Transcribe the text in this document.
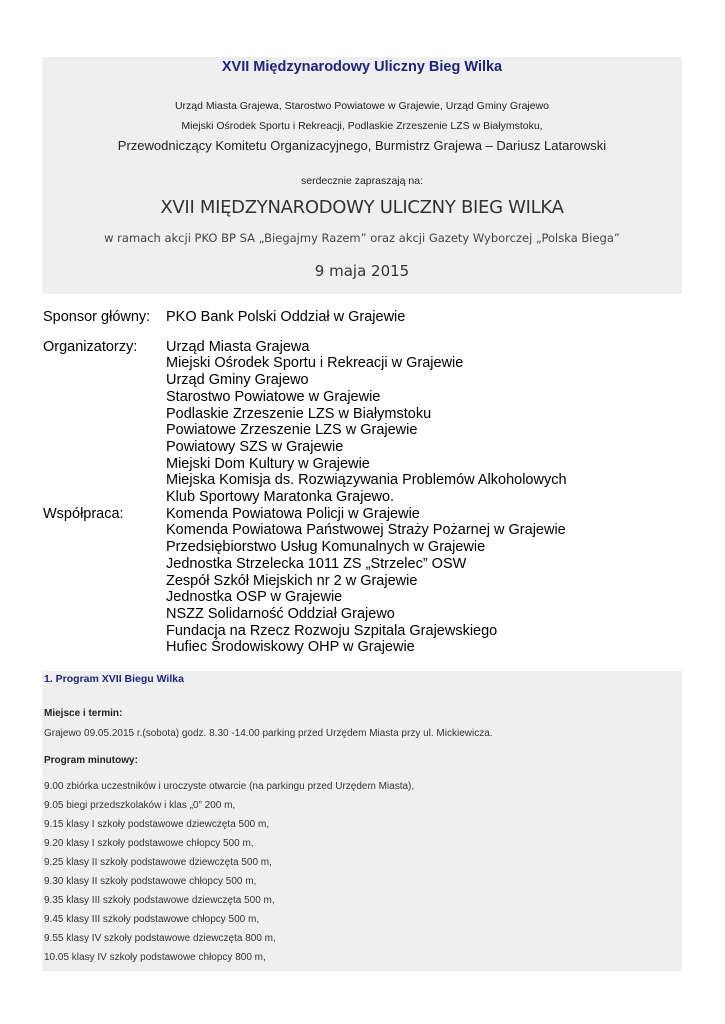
XVII Międzynarodowy Uliczny Bieg Wilka
Urząd Miasta Grajewa, Starostwo Powiatowe w Grajewie, Urząd Gminy Grajewo
Miejski Ośrodek Sportu i Rekreacji, Podlaskie Zrzeszenie LZS w Białymstoku,
Przewodniczący Komitetu Organizacyjnego, Burmistrz Grajewa – Dariusz Latarowski
serdecznie zapraszają na:
XVII MIĘDZYNARODOWY ULICZNY BIEG WILKA
w ramach akcji PKO BP SA „Biegajmy Razem” oraz akcji Gazety Wyborczej „Polska Biega”
9 maja 2015
Sponsor główny:	PKO Bank Polski Oddział w Grajewie
Organizatorzy:	Urząd Miasta Grajewa
Miejski Ośrodek Sportu i Rekreacji w Grajewie
Urząd Gminy Grajewo
Starostwo Powiatowe w Grajewie
Podlaskie Zrzeszenie LZS w Białymstoku
Powiatowe Zrzeszenie LZS w Grajewie
Powiatowy SZS w Grajewie
Miejski Dom Kultury w Grajewie
Miejska Komisja ds. Rozwiązywania Problemów Alkoholowych
Klub Sportowy Maratonka Grajewo.
Współpraca:	Komenda Powiatowa Policji w Grajewie
Komenda Powiatowa Państwowej Straży Pożarnej w Grajewie
Przedsiębiorstwo Usług Komunalnych w Grajewie
Jednostka Strzelecka 1011 ZS „Strzelec” OSW
Zespół Szkół Miejskich nr 2 w Grajewie
Jednostka OSP w Grajewie
NSZZ Solidarność Oddział Grajewo
Fundacja na Rzecz Rozwoju Szpitala Grajewskiego
Hufiec Środowiskowy OHP w Grajewie
1. Program XVII Biegu Wilka
Miejsce i termin:
Grajewo 09.05.2015 r.(sobota) godz. 8.30 -14.00 parking przed Urzędem Miasta przy ul. Mickiewicza.
Program minutowy:
9.00 zbiórka uczestników i uroczyste otwarcie (na parkingu przed Urzędem Miasta),
9.05 biegi przedszkolaków i klas „0” 200 m,
9.15 klasy I szkoły podstawowe dziewczęta 500 m,
9.20 klasy I szkoły podstawowe chłopcy 500 m,
9.25 klasy II szkoły podstawowe dziewczęta 500 m,
9.30 klasy II szkoły podstawowe chłopcy 500 m,
9.35 klasy III szkoły podstawowe dziewczęta 500 m,
9.45 klasy III szkoły podstawowe chłopcy 500 m,
9.55 klasy IV szkoły podstawowe dziewczęta 800 m,
10.05 klasy IV szkoły podstawowe chłopcy 800 m,
